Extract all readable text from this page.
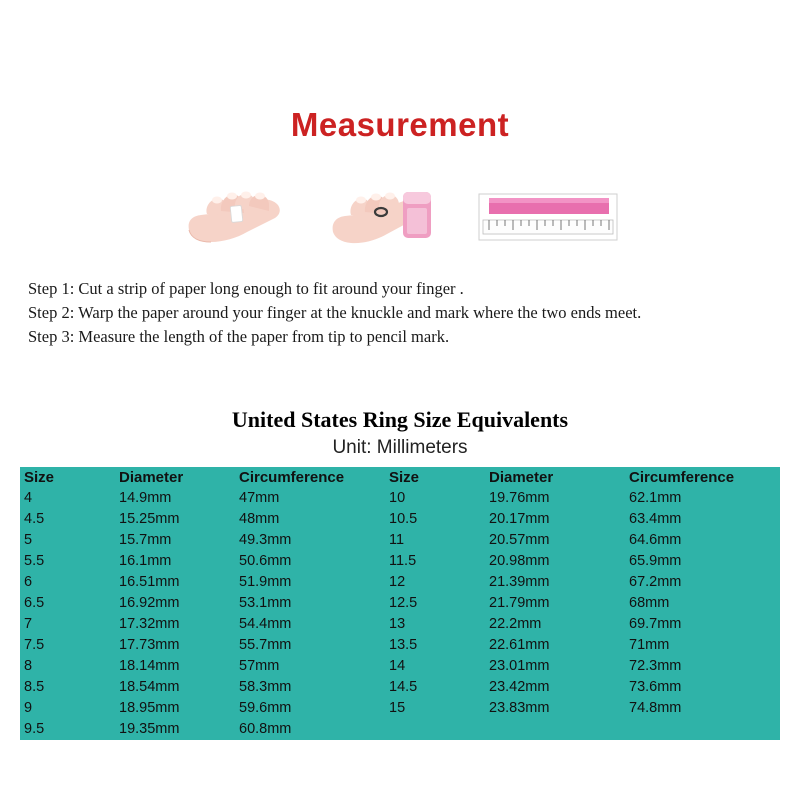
Measurement
Step 1: Cut a strip of paper long enough to fit around your finger .
Step 2: Warp the paper around your finger at the knuckle and mark where the two ends meet.
Step 3: Measure the length of the paper from tip to pencil mark.
United States Ring Size Equivalents
Unit: Millimeters
Size	Diameter	Circumference	Size	Diameter	Circumference
4	14.9mm	47mm	10	19.76mm	62.1mm
4.5	15.25mm	48mm	10.5	20.17mm	63.4mm
5	15.7mm	49.3mm	11	20.57mm	64.6mm
5.5	16.1mm	50.6mm	11.5	20.98mm	65.9mm
6	16.51mm	51.9mm	12	21.39mm	67.2mm
6.5	16.92mm	53.1mm	12.5	21.79mm	68mm
7	17.32mm	54.4mm	13	22.2mm	69.7mm
7.5	17.73mm	55.7mm	13.5	22.61mm	71mm
8	18.14mm	57mm	14	23.01mm	72.3mm
8.5	18.54mm	58.3mm	14.5	23.42mm	73.6mm
9	18.95mm	59.6mm	15	23.83mm	74.8mm
9.5	19.35mm	60.8mm			
